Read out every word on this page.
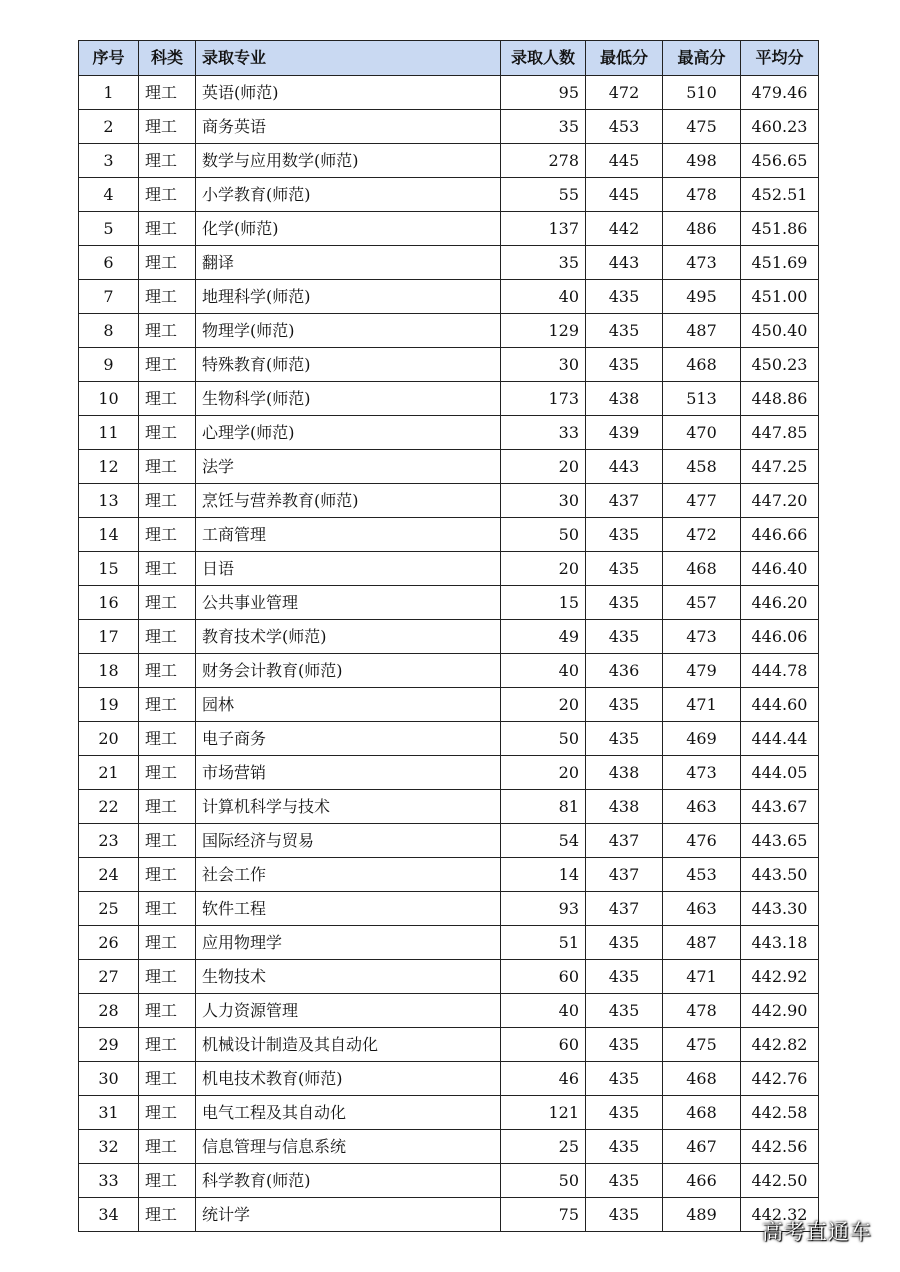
序号	科类	录取专业	录取人数	最低分	最高分	平均分
1	理工	英语(师范)	95	472	510	479.46
2	理工	商务英语	35	453	475	460.23
3	理工	数学与应用数学(师范)	278	445	498	456.65
4	理工	小学教育(师范)	55	445	478	452.51
5	理工	化学(师范)	137	442	486	451.86
6	理工	翻译	35	443	473	451.69
7	理工	地理科学(师范)	40	435	495	451.00
8	理工	物理学(师范)	129	435	487	450.40
9	理工	特殊教育(师范)	30	435	468	450.23
10	理工	生物科学(师范)	173	438	513	448.86
11	理工	心理学(师范)	33	439	470	447.85
12	理工	法学	20	443	458	447.25
13	理工	烹饪与营养教育(师范)	30	437	477	447.20
14	理工	工商管理	50	435	472	446.66
15	理工	日语	20	435	468	446.40
16	理工	公共事业管理	15	435	457	446.20
17	理工	教育技术学(师范)	49	435	473	446.06
18	理工	财务会计教育(师范)	40	436	479	444.78
19	理工	园林	20	435	471	444.60
20	理工	电子商务	50	435	469	444.44
21	理工	市场营销	20	438	473	444.05
22	理工	计算机科学与技术	81	438	463	443.67
23	理工	国际经济与贸易	54	437	476	443.65
24	理工	社会工作	14	437	453	443.50
25	理工	软件工程	93	437	463	443.30
26	理工	应用物理学	51	435	487	443.18
27	理工	生物技术	60	435	471	442.92
28	理工	人力资源管理	40	435	478	442.90
29	理工	机械设计制造及其自动化	60	435	475	442.82
30	理工	机电技术教育(师范)	46	435	468	442.76
31	理工	电气工程及其自动化	121	435	468	442.58
32	理工	信息管理与信息系统	25	435	467	442.56
33	理工	科学教育(师范)	50	435	466	442.50
34	理工	统计学	75	435	489	442.32
高考直通车
